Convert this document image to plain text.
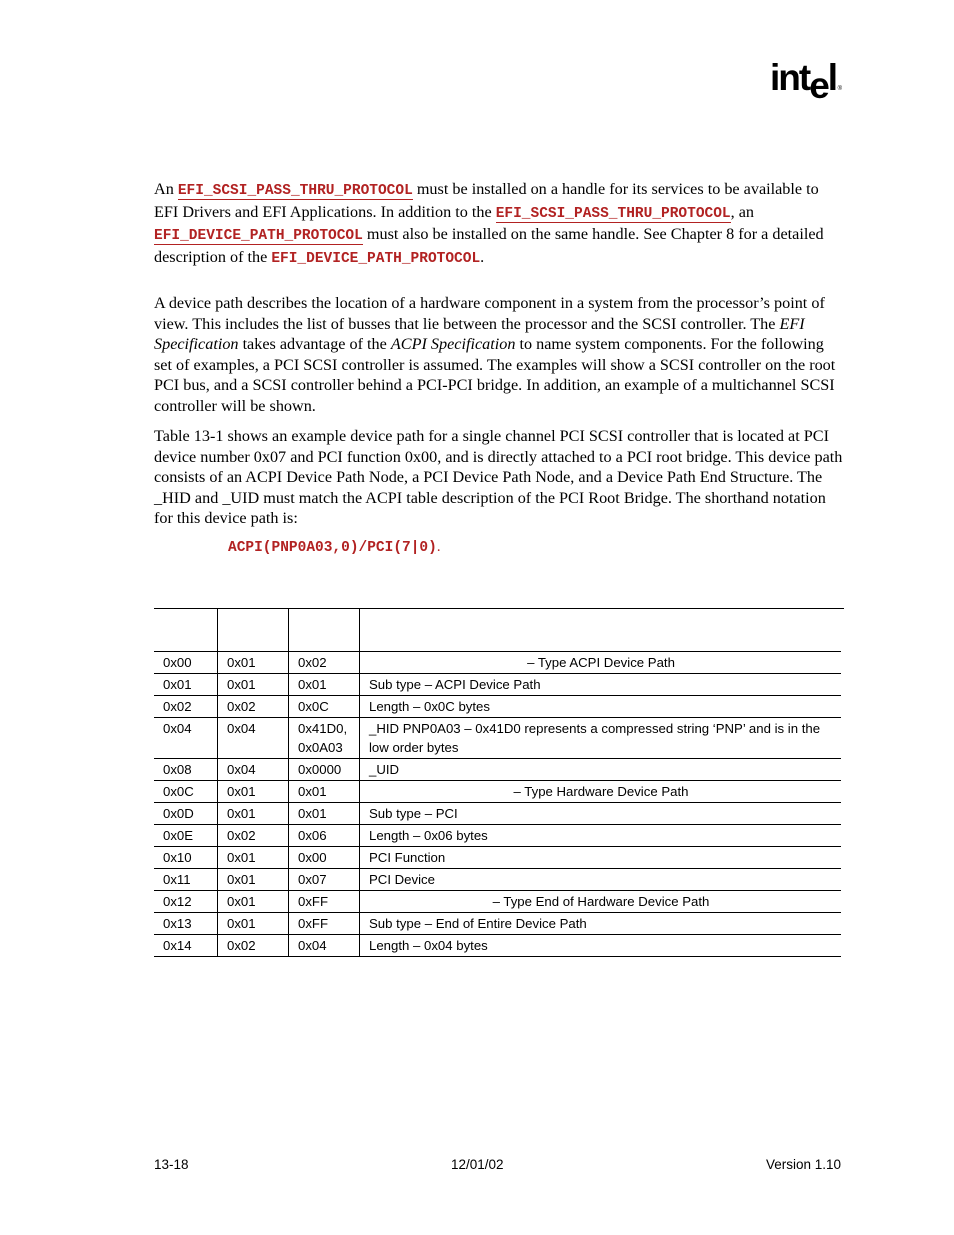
intel ®

An EFI_SCSI_PASS_THRU_PROTOCOL must be installed on a handle for its services to be available to EFI Drivers and EFI Applications. In addition to the EFI_SCSI_PASS_THRU_PROTOCOL, an EFI_DEVICE_PATH_PROTOCOL must also be installed on the same handle. See Chapter 8 for a detailed description of the EFI_DEVICE_PATH_PROTOCOL.

A device path describes the location of a hardware component in a system from the processor’s point of view. This includes the list of busses that lie between the processor and the SCSI controller. The EFI Specification takes advantage of the ACPI Specification to name system components. For the following set of examples, a PCI SCSI controller is assumed. The examples will show a SCSI controller on the root PCI bus, and a SCSI controller behind a PCI-PCI bridge. In addition, an example of a multichannel SCSI controller will be shown.

Table 13-1 shows an example device path for a single channel PCI SCSI controller that is located at PCI device number 0x07 and PCI function 0x00, and is directly attached to a PCI root bridge. This device path consists of an ACPI Device Path Node, a PCI Device Path Node, and a Device Path End Structure. The _HID and _UID must match the ACPI table description of the PCI Root Bridge. The shorthand notation for this device path is:

ACPI(PNP0A03,0)/PCI(7|0).

0x00	0x01	0x02	– Type ACPI Device Path
0x01	0x01	0x01	Sub type – ACPI Device Path
0x02	0x02	0x0C	Length – 0x0C bytes
0x04	0x04	0x41D0, 0x0A03	_HID PNP0A03 – 0x41D0 represents a compressed string ‘PNP’ and is in the low order bytes
0x08	0x04	0x0000	_UID
0x0C	0x01	0x01	– Type Hardware Device Path
0x0D	0x01	0x01	Sub type – PCI
0x0E	0x02	0x06	Length – 0x06 bytes
0x10	0x01	0x00	PCI Function
0x11	0x01	0x07	PCI Device
0x12	0x01	0xFF	– Type End of Hardware Device Path
0x13	0x01	0xFF	Sub type – End of Entire Device Path
0x14	0x02	0x04	Length – 0x04 bytes
13-18	12/01/02	Version 1.10
